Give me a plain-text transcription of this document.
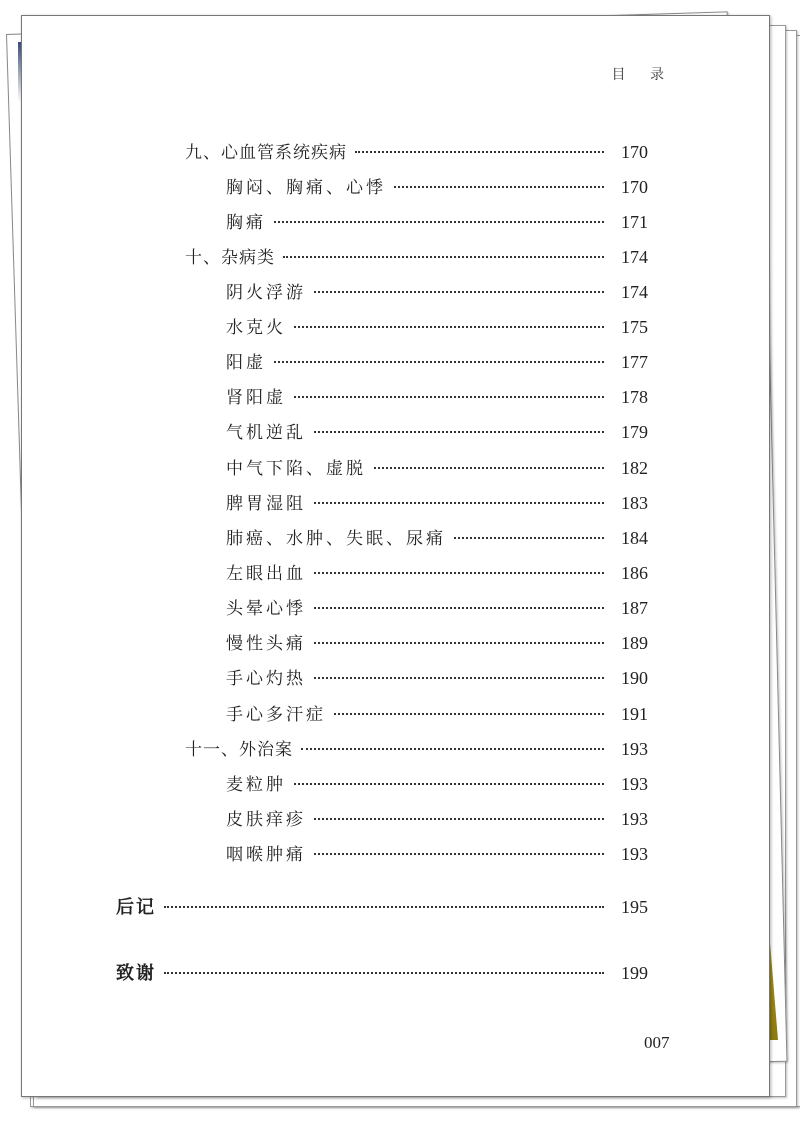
目 录
九、心血管系统疾病	170
胸闷、胸痛、心悸	170
胸痛	171
十、杂病类	174
阴火浮游	174
水克火	175
阳虚	177
肾阳虚	178
气机逆乱	179
中气下陷、虚脱	182
脾胃湿阻	183
肺癌、水肿、失眠、尿痛	184
左眼出血	186
头晕心悸	187
慢性头痛	189
手心灼热	190
手心多汗症	191
十一、外治案	193
麦粒肿	193
皮肤痒疹	193
咽喉肿痛	193
后记	195
致谢	199
007
